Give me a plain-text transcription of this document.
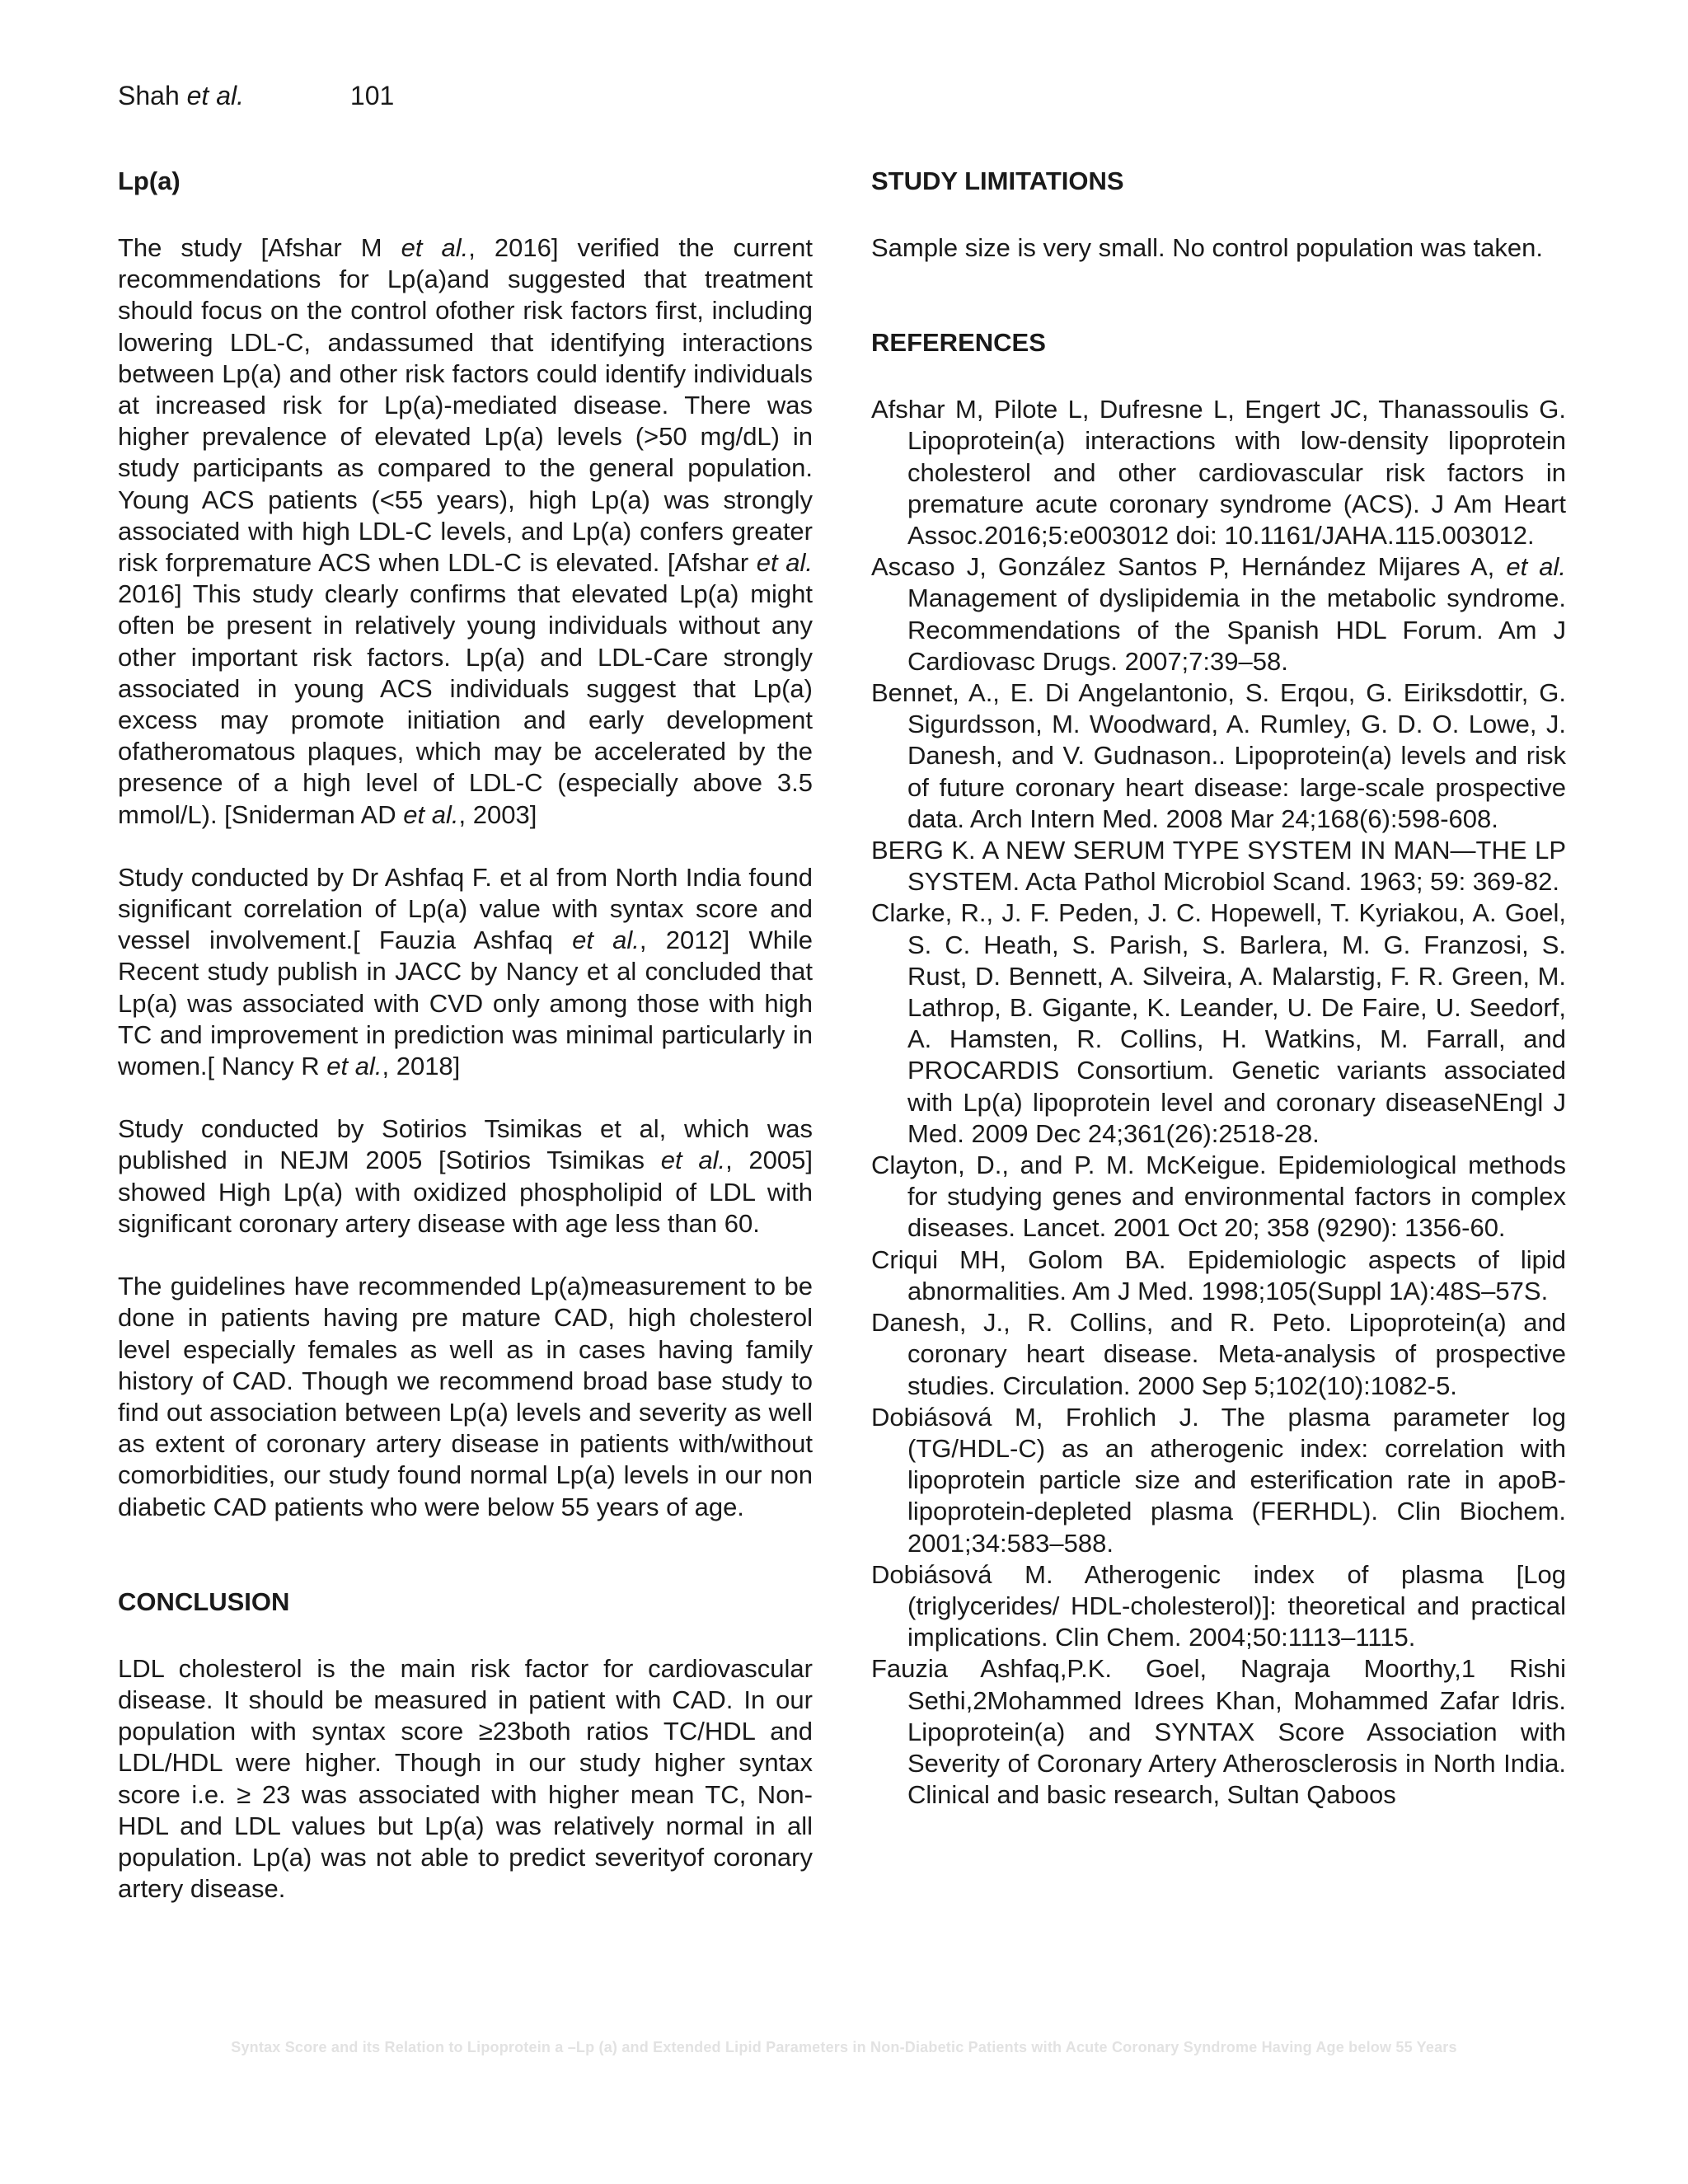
Shah et al.	101

Lp(a)

The study [Afshar M et al., 2016] verified the current recommendations for Lp(a)and suggested that treatment should focus on the control ofother risk factors first, including lowering LDL-C, andassumed that identifying interactions between Lp(a) and other risk factors could identify individuals at increased risk for Lp(a)-mediated disease. There was higher prevalence of elevated Lp(a) levels (>50 mg/dL) in study participants as compared to the general population. Young ACS patients (<55 years), high Lp(a) was strongly associated with high LDL-C levels, and Lp(a) confers greater risk forpremature ACS when LDL-C is elevated. [Afshar et al. 2016] This study clearly confirms that elevated Lp(a) might often be present in relatively young individuals without any other important risk factors. Lp(a) and LDL-Care strongly associated in young ACS individuals suggest that Lp(a) excess may promote initiation and early development ofatheromatous plaques, which may be accelerated by the presence of a high level of LDL-C (especially above 3.5 mmol/L). [Sniderman AD et al., 2003]

Study conducted by Dr Ashfaq F. et al from North India found significant correlation of Lp(a) value with syntax score and vessel involvement.[ Fauzia Ashfaq et al., 2012] While Recent study publish in JACC by Nancy et al concluded that Lp(a) was associated with CVD only among those with high TC and improvement in prediction was minimal particularly in women.[ Nancy R et al., 2018]

Study conducted by Sotirios Tsimikas et al, which was published in NEJM 2005 [Sotirios Tsimikas et al., 2005] showed High Lp(a) with oxidized phospholipid of LDL with significant coronary artery disease with age less than 60.

The guidelines have recommended Lp(a)measurement to be done in patients having pre mature CAD, high cholesterol level especially females as well as in cases having family history of CAD. Though we recommend broad base study to find out association between Lp(a) levels and severity as well as extent of coronary artery disease in patients with/without comorbidities, our study found normal Lp(a) levels in our non diabetic CAD patients who were below 55 years of age.

CONCLUSION

LDL cholesterol is the main risk factor for cardiovascular disease. It should be measured in patient with CAD. In our population with syntax score ≥23both ratios TC/HDL and LDL/HDL were higher. Though in our study higher syntax score i.e. ≥ 23 was associated with higher mean TC, Non-HDL and LDL values but Lp(a) was relatively normal in all population. Lp(a) was not able to predict severityof coronary artery disease.

STUDY LIMITATIONS

Sample size is very small. No control population was taken.

REFERENCES

Afshar M, Pilote L, Dufresne L, Engert JC, Thanassoulis G. Lipoprotein(a) interactions with low-density lipoprotein cholesterol and other cardiovascular risk factors in premature acute coronary syndrome (ACS). J Am Heart Assoc.2016;5:e003012 doi: 10.1161/JAHA.115.003012.

Ascaso J, González Santos P, Hernández Mijares A, et al. Management of dyslipidemia in the metabolic syndrome. Recommendations of the Spanish HDL Forum. Am J Cardiovasc Drugs. 2007;7:39–58.

Bennet, A., E. Di Angelantonio, S. Erqou, G. Eiriksdottir, G. Sigurdsson, M. Woodward, A. Rumley, G. D. O. Lowe, J. Danesh, and V. Gudnason.. Lipoprotein(a) levels and risk of future coronary heart disease: large-scale prospective data. Arch Intern Med. 2008 Mar 24;168(6):598-608.

BERG K. A NEW SERUM TYPE SYSTEM IN MAN—THE LP SYSTEM. Acta Pathol Microbiol Scand. 1963; 59: 369-82.

Clarke, R., J. F. Peden, J. C. Hopewell, T. Kyriakou, A. Goel, S. C. Heath, S. Parish, S. Barlera, M. G. Franzosi, S. Rust, D. Bennett, A. Silveira, A. Malarstig, F. R. Green, M. Lathrop, B. Gigante, K. Leander, U. De Faire, U. Seedorf, A. Hamsten, R. Collins, H. Watkins, M. Farrall, and PROCARDIS Consortium. Genetic variants associated with Lp(a) lipoprotein level and coronary diseaseNEngl J Med. 2009 Dec 24;361(26):2518-28.

Clayton, D., and P. M. McKeigue. Epidemiological methods for studying genes and environmental factors in complex diseases. Lancet. 2001 Oct 20; 358 (9290): 1356-60.

Criqui MH, Golom BA. Epidemiologic aspects of lipid abnormalities. Am J Med. 1998;105(Suppl 1A):48S–57S.

Danesh, J., R. Collins, and R. Peto. Lipoprotein(a) and coronary heart disease. Meta-analysis of prospective studies. Circulation. 2000 Sep 5;102(10):1082-5.

Dobiásová M, Frohlich J. The plasma parameter log (TG/HDL-C) as an atherogenic index: correlation with lipoprotein particle size and esterification rate in apoB-lipoprotein-depleted plasma (FERHDL). Clin Biochem. 2001;34:583–588.

Dobiásová M. Atherogenic index of plasma [Log (triglycerides/ HDL-cholesterol)]: theoretical and practical implications. Clin Chem. 2004;50:1113–1115.

Fauzia Ashfaq,P.K. Goel, Nagraja Moorthy,1 Rishi Sethi,2Mohammed Idrees Khan, Mohammed Zafar Idris. Lipoprotein(a) and SYNTAX Score Association with Severity of Coronary Artery Atherosclerosis in North India. Clinical and basic research, Sultan Qaboos

Syntax Score and its Relation to Lipoprotein a –Lp (a) and Extended Lipid Parameters in Non-Diabetic Patients with Acute Coronary Syndrome Having Age below 55 Years
